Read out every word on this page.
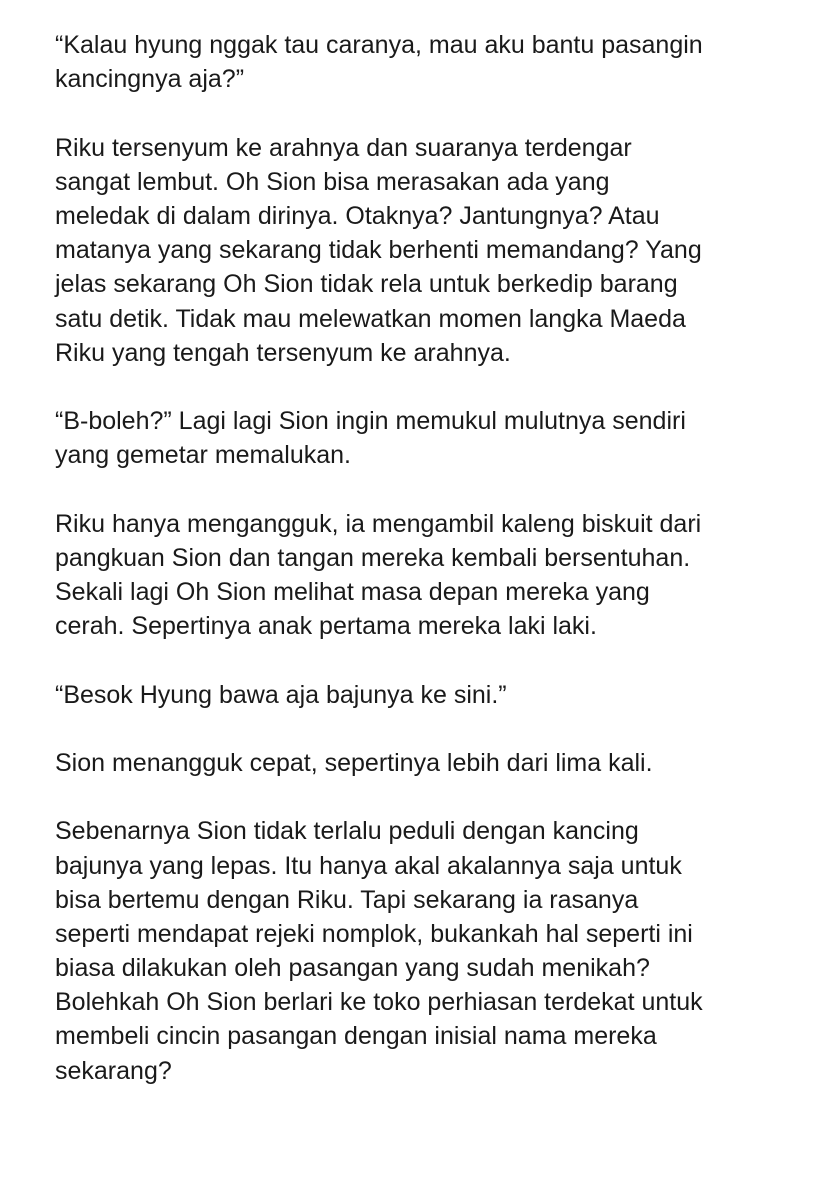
“Kalau hyung nggak tau caranya, mau aku bantu pasangin
kancingnya aja?”
Riku tersenyum ke arahnya dan suaranya terdengar
sangat lembut. Oh Sion bisa merasakan ada yang
meledak di dalam dirinya. Otaknya? Jantungnya? Atau
matanya yang sekarang tidak berhenti memandang? Yang
jelas sekarang Oh Sion tidak rela untuk berkedip barang
satu detik. Tidak mau melewatkan momen langka Maeda
Riku yang tengah tersenyum ke arahnya.
“B-boleh?” Lagi lagi Sion ingin memukul mulutnya sendiri
yang gemetar memalukan.
Riku hanya mengangguk, ia mengambil kaleng biskuit dari
pangkuan Sion dan tangan mereka kembali bersentuhan.
Sekali lagi Oh Sion melihat masa depan mereka yang
cerah. Sepertinya anak pertama mereka laki laki.
“Besok Hyung bawa aja bajunya ke sini.”
Sion menangguk cepat, sepertinya lebih dari lima kali.
Sebenarnya Sion tidak terlalu peduli dengan kancing
bajunya yang lepas. Itu hanya akal akalannya saja untuk
bisa bertemu dengan Riku. Tapi sekarang ia rasanya
seperti mendapat rejeki nomplok, bukankah hal seperti ini
biasa dilakukan oleh pasangan yang sudah menikah?
Bolehkah Oh Sion berlari ke toko perhiasan terdekat untuk
membeli cincin pasangan dengan inisial nama mereka
sekarang?
